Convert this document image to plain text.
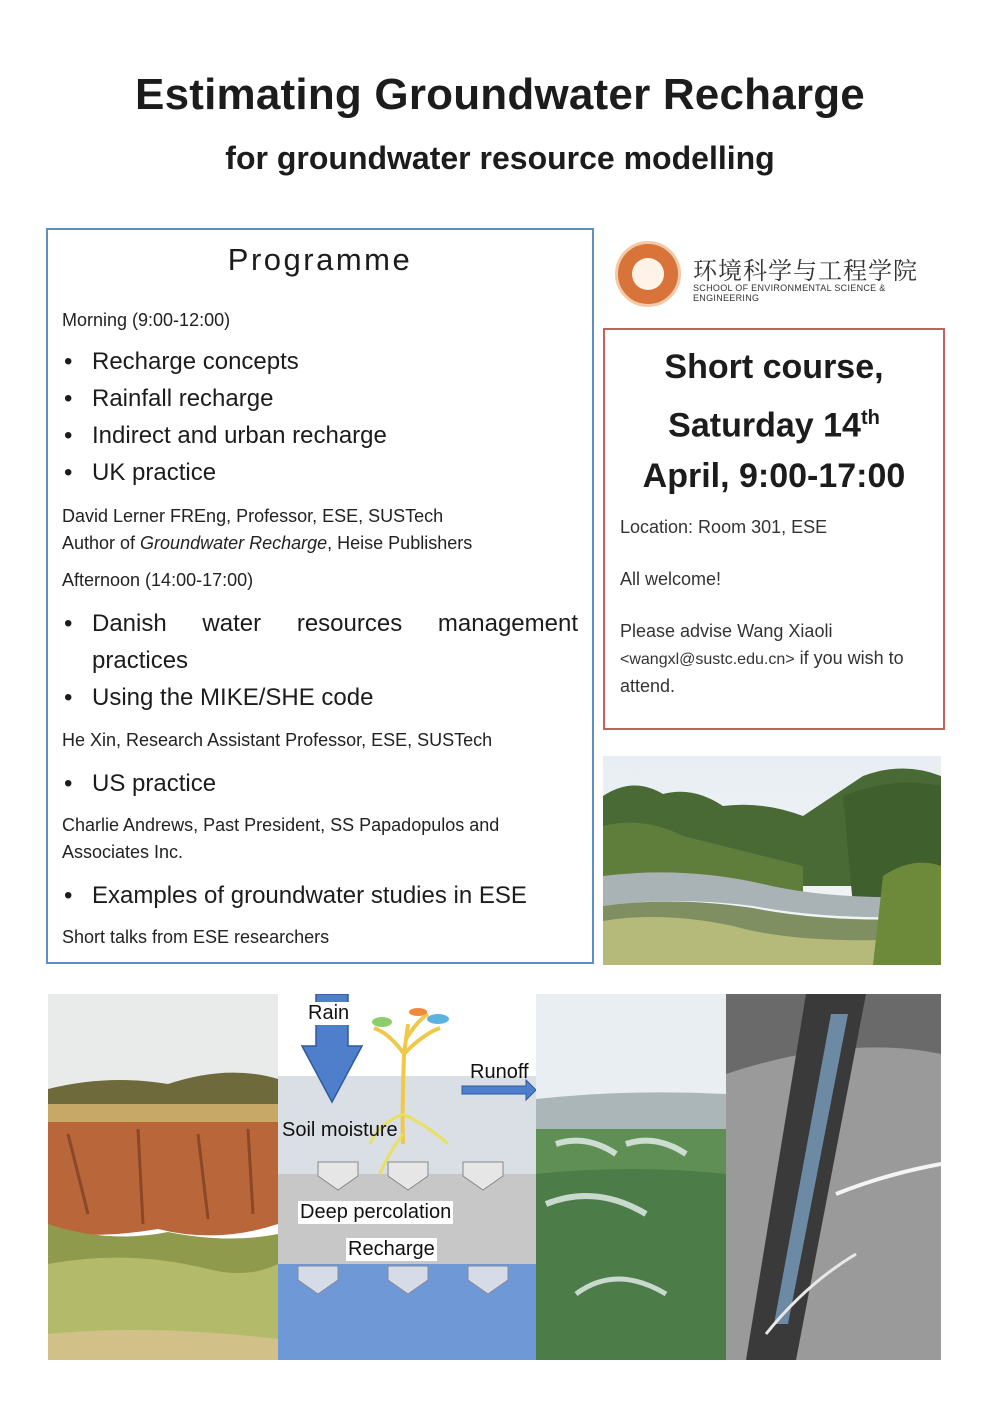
Estimating Groundwater Recharge
for groundwater resource modelling
Programme
Morning (9:00-12:00)
• Recharge concepts
• Rainfall recharge
• Indirect and urban recharge
• UK practice
David Lerner FREng, Professor, ESE, SUSTech
Author of Groundwater Recharge, Heise Publishers
Afternoon (14:00-17:00)
• Danish water resources management practices
• Using the MIKE/SHE code
He Xin, Research Assistant Professor, ESE, SUSTech
• US practice
Charlie Andrews, Past President, SS Papadopulos and Associates Inc.
• Examples of groundwater studies in ESE
Short talks from ESE researchers
环境科学与工程学院
SCHOOL OF ENVIRONMENTAL SCIENCE & ENGINEERING
Short course,
Saturday 14th
April, 9:00-17:00
Location: Room 301, ESE
All welcome!
Please advise Wang Xiaoli
<wangxl@sustc.edu.cn> if you wish to attend.
Rain
Runoff
Soil moisture
Deep percolation
Recharge
